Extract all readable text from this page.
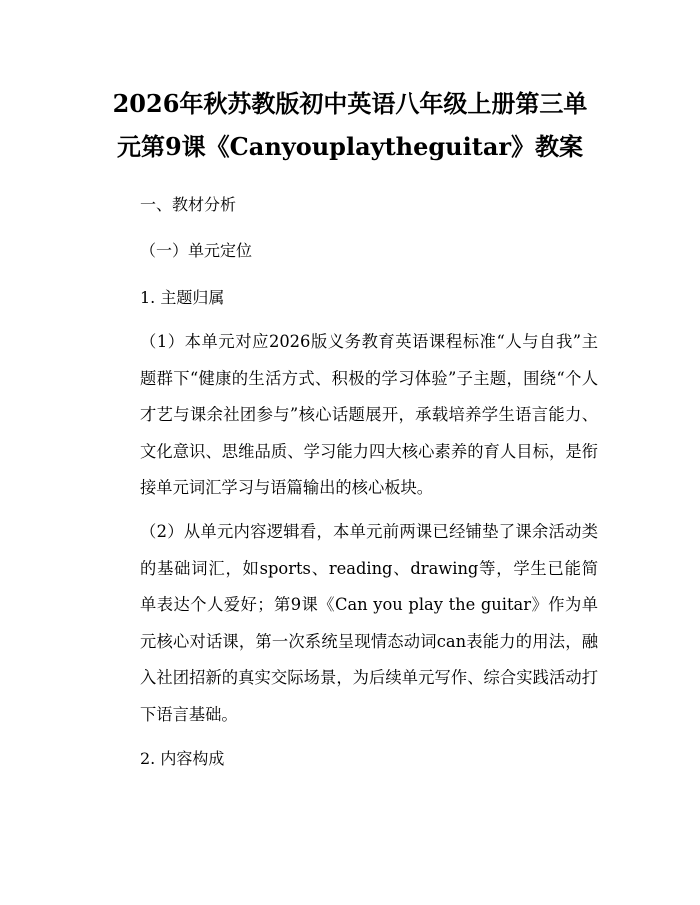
2026年秋苏教版初中英语八年级上册第三单
元第9课《Canyouplaytheguitar》教案
一、教材分析
（一）单元定位
1. 主题归属
（1）本单元对应2026版义务教育英语课程标准“人与自我”主题群下“健康的生活方式、积极的学习体验”子主题，围绕“个人才艺与课余社团参与”核心话题展开，承载培养学生语言能力、文化意识、思维品质、学习能力四大核心素养的育人目标，是衔接单元词汇学习与语篇输出的核心板块。
（2）从单元内容逻辑看，本单元前两课已经铺垫了课余活动类的基础词汇，如sports、reading、drawing等，学生已能简单表达个人爱好；第9课《Can you play the guitar》作为单元核心对话课，第一次系统呈现情态动词can表能力的用法，融入社团招新的真实交际场景，为后续单元写作、综合实践活动打下语言基础。
2. 内容构成
